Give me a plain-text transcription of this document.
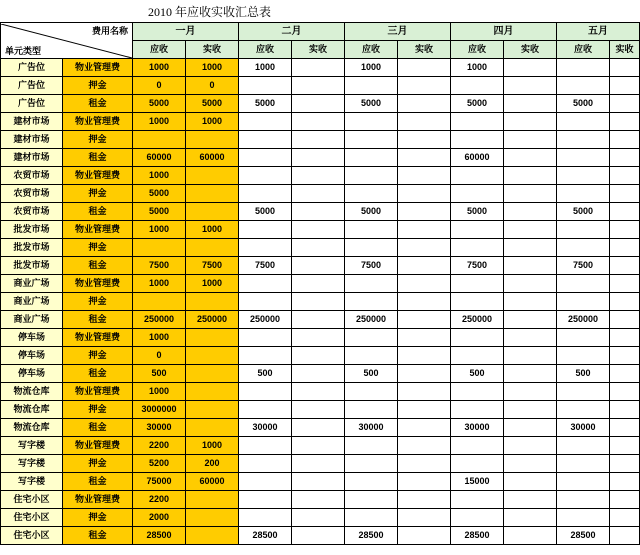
2010 年应收实收汇总表
单元类型
费用名称		一月		二月		三月		四月		五月	
		应收	实收	应收	实收	应收	实收	应收	实收	应收	实收
广告位	物业管理费	1000	1000	1000		1000		1000			
广告位	押金	0	0								
广告位	租金	5000	5000	5000		5000		5000		5000	
建材市场	物业管理费	1000	1000								
建材市场	押金										
建材市场	租金	60000	60000					60000			
农贸市场	物业管理费	1000									
农贸市场	押金	5000									
农贸市场	租金	5000		5000		5000		5000		5000	
批发市场	物业管理费	1000	1000								
批发市场	押金										
批发市场	租金	7500	7500	7500		7500		7500		7500	
商业广场	物业管理费	1000	1000								
商业广场	押金										
商业广场	租金	250000	250000	250000		250000		250000		250000	
停车场	物业管理费	1000									
停车场	押金	0									
停车场	租金	500		500		500		500		500	
物流仓库	物业管理费	1000									
物流仓库	押金	3000000									
物流仓库	租金	30000		30000		30000		30000		30000	
写字楼	物业管理费	2200	1000								
写字楼	押金	5200	200								
写字楼	租金	75000	60000					15000			
住宅小区	物业管理费	2200									
住宅小区	押金	2000									
住宅小区	租金	28500		28500		28500		28500		28500	
